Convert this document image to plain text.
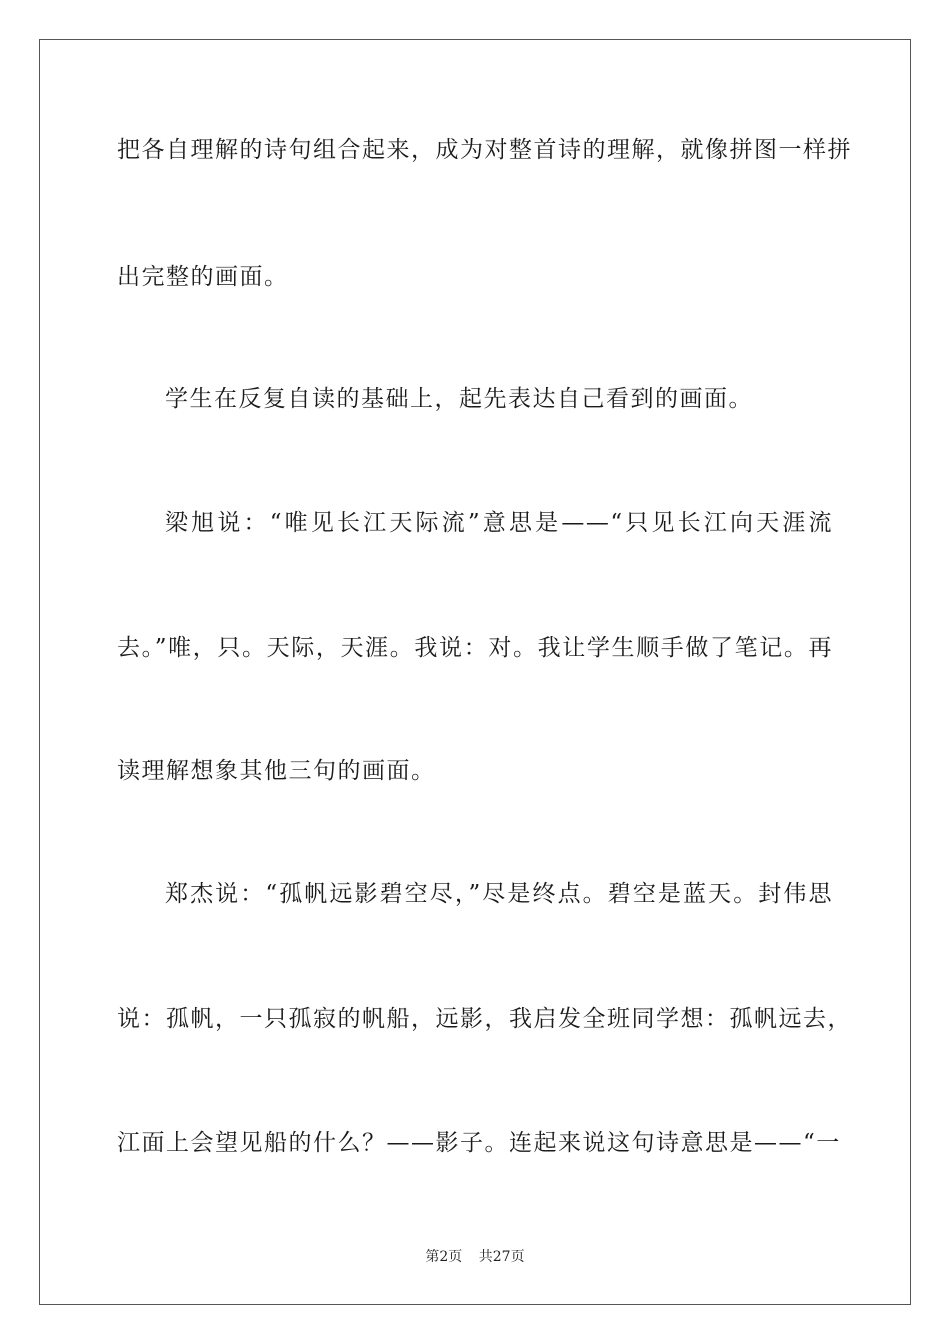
把各自理解的诗句组合起来，成为对整首诗的理解，就像拼图一样拼
出完整的画面。
学生在反复自读的基础上，起先表达自己看到的画面。
梁旭说：“唯见长江天际流”意思是——“只见长江向天涯流
去。”唯，只。天际，天涯。我说：对。我让学生顺手做了笔记。再
读理解想象其他三句的画面。
郑杰说：“孤帆远影碧空尽，”尽是终点。碧空是蓝天。封伟思
说：孤帆，一只孤寂的帆船，远影，我启发全班同学想：孤帆远去，
江面上会望见船的什么？——影子。连起来说这句诗意思是——“一
第2页 共27页
